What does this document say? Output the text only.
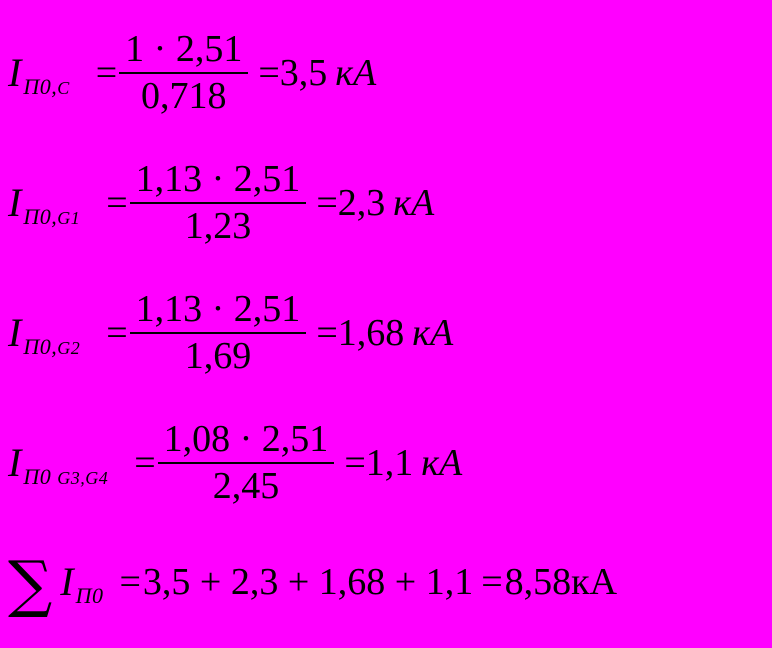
I $П0,C = \frac{1 \cdot 2,51}{0,718} =3,5$ кА
I $П0,G1 = \frac{1,13 \cdot 2,51}{1,23} =2,3$ кА
I $П0,G2 = \frac{1,13 \cdot 2,51}{1,69} =1,68$ кА
I П0 $G3,G4 = \frac{1,08 \cdot 2,51}{2,45} =1,1$ кА
∑ I П0 = 3,5 + 2,3 + 1,68 + 1,1 = 8,58 кА
